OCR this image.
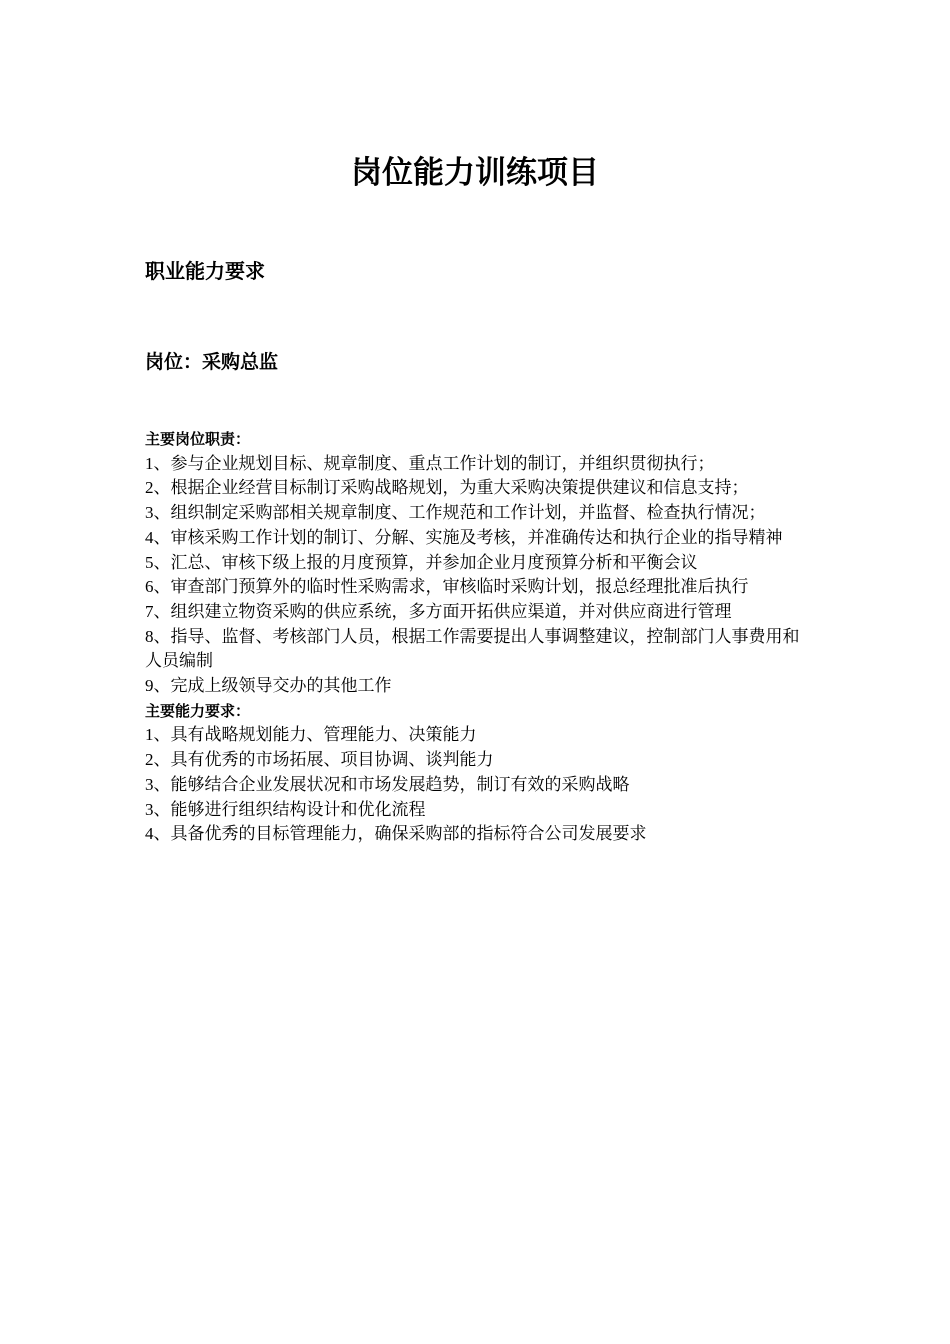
岗位能力训练项目
职业能力要求
岗位：采购总监

主要岗位职责：

1、参与企业规划目标、规章制度、重点工作计划的制订，并组织贯彻执行；

2、根据企业经营目标制订采购战略规划，为重大采购决策提供建议和信息支持；

3、组织制定采购部相关规章制度、工作规范和工作计划，并监督、检查执行情况；

4、审核采购工作计划的制订、分解、实施及考核，并准确传达和执行企业的指导精神

5、汇总、审核下级上报的月度预算，并参加企业月度预算分析和平衡会议

6、审查部门预算外的临时性采购需求，审核临时采购计划，报总经理批准后执行

7、组织建立物资采购的供应系统，多方面开拓供应渠道，并对供应商进行管理

8、指导、监督、考核部门人员，根据工作需要提出人事调整建议，控制部门人事费用和人员编制

9、完成上级领导交办的其他工作

主要能力要求：

1、具有战略规划能力、管理能力、决策能力

2、具有优秀的市场拓展、项目协调、谈判能力

3、能够结合企业发展状况和市场发展趋势，制订有效的采购战略

3、能够进行组织结构设计和优化流程

4、具备优秀的目标管理能力，确保采购部的指标符合公司发展要求
